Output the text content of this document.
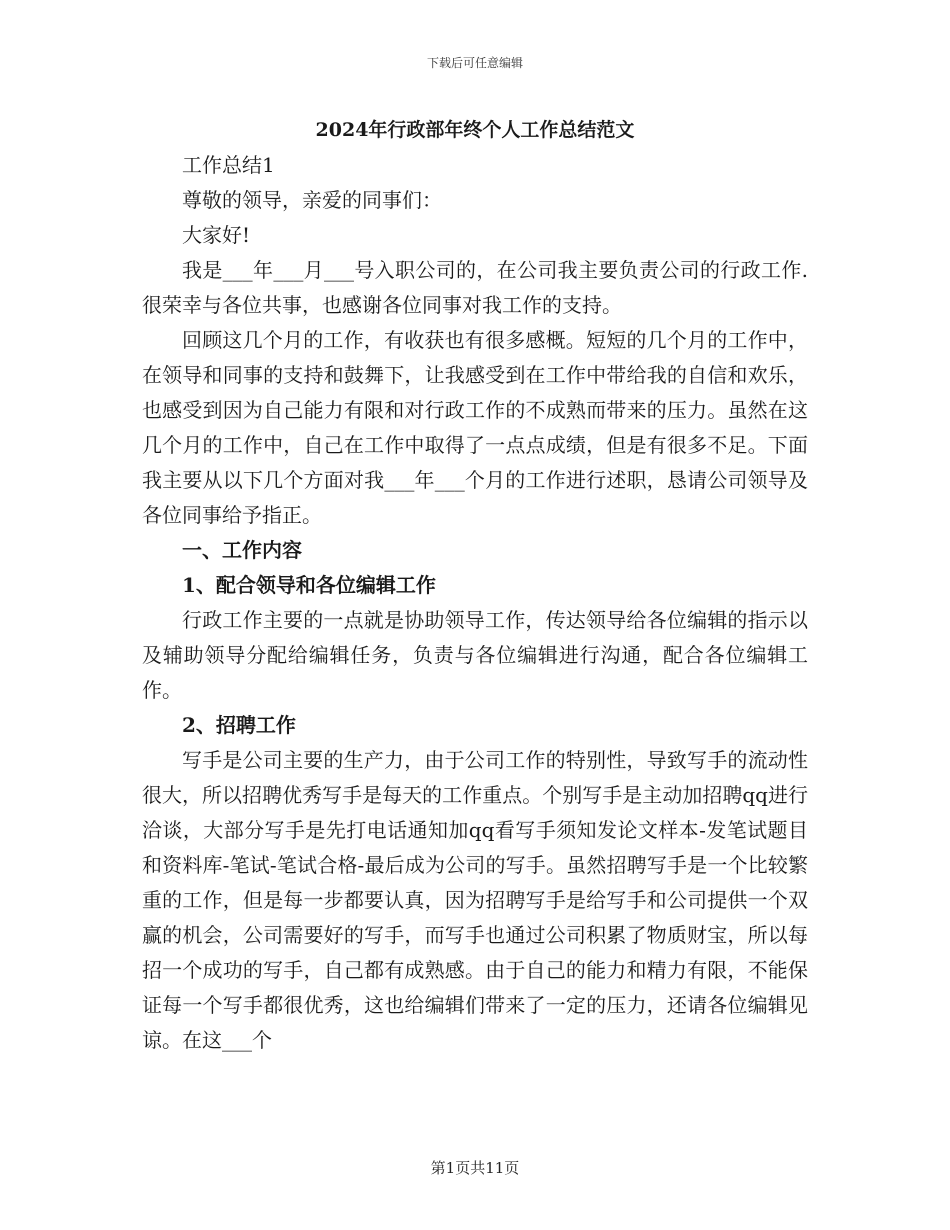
下载后可任意编辑
2024年行政部年终个人工作总结范文

工作总结1

尊敬的领导，亲爱的同事们：

大家好!

我是___年___月___号入职公司的，在公司我主要负责公司的行政工作.很荣幸与各位共事，也感谢各位同事对我工作的支持。

回顾这几个月的工作，有收获也有很多感概。短短的几个月的工作中，在领导和同事的支持和鼓舞下，让我感受到在工作中带给我的自信和欢乐，也感受到因为自己能力有限和对行政工作的不成熟而带来的压力。虽然在这几个月的工作中，自己在工作中取得了一点点成绩，但是有很多不足。下面我主要从以下几个方面对我___年___个月的工作进行述职，恳请公司领导及各位同事给予指正。

一、工作内容

1、配合领导和各位编辑工作

行政工作主要的一点就是协助领导工作，传达领导给各位编辑的指示以及辅助领导分配给编辑任务，负责与各位编辑进行沟通，配合各位编辑工作。

2、招聘工作

写手是公司主要的生产力，由于公司工作的特别性，导致写手的流动性很大，所以招聘优秀写手是每天的工作重点。个别写手是主动加招聘qq进行洽谈，大部分写手是先打电话通知加qq看写手须知发论文样本-发笔试题目和资料库-笔试-笔试合格-最后成为公司的写手。虽然招聘写手是一个比较繁重的工作，但是每一步都要认真，因为招聘写手是给写手和公司提供一个双赢的机会，公司需要好的写手，而写手也通过公司积累了物质财宝，所以每招一个成功的写手，自己都有成熟感。由于自己的能力和精力有限，不能保证每一个写手都很优秀，这也给编辑们带来了一定的压力，还请各位编辑见谅。在这___个

第1页共11页
